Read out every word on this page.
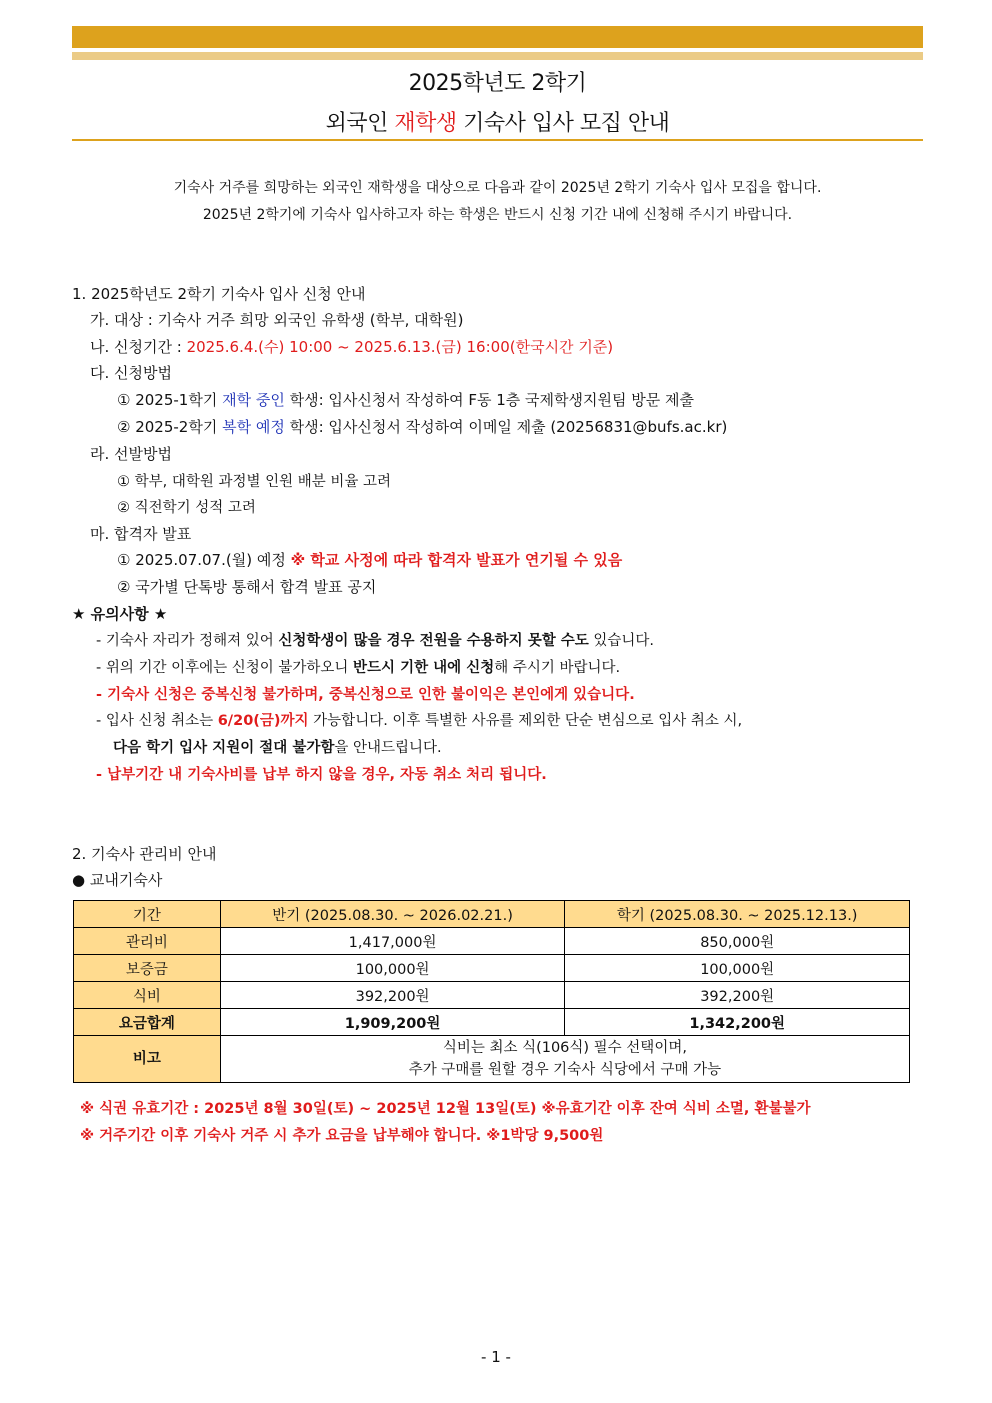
2025학년도 2학기
외국인 재학생 기숙사 입사 모집 안내
기숙사 거주를 희망하는 외국인 재학생을 대상으로 다음과 같이 2025년 2학기 기숙사 입사 모집을 합니다.
2025년 2학기에 기숙사 입사하고자 하는 학생은 반드시 신청 기간 내에 신청해 주시기 바랍니다.
1. 2025학년도 2학기 기숙사 입사 신청 안내
가. 대상 : 기숙사 거주 희망 외국인 유학생 (학부, 대학원)
나. 신청기간 : 2025.6.4.(수) 10:00 ~ 2025.6.13.(금) 16:00(한국시간 기준)
다. 신청방법
① 2025-1학기 재학 중인 학생: 입사신청서 작성하여 F동 1층 국제학생지원팀 방문 제출
② 2025-2학기 복학 예정 학생: 입사신청서 작성하여 이메일 제출 (20256831@bufs.ac.kr)
라. 선발방법
① 학부, 대학원 과정별 인원 배분 비율 고려
② 직전학기 성적 고려
마. 합격자 발표
① 2025.07.07.(월) 예정 ※ 학교 사정에 따라 합격자 발표가 연기될 수 있음
② 국가별 단톡방 통해서 합격 발표 공지
★ 유의사항 ★
- 기숙사 자리가 정해져 있어 신청학생이 많을 경우 전원을 수용하지 못할 수도 있습니다.
- 위의 기간 이후에는 신청이 불가하오니 반드시 기한 내에 신청해 주시기 바랍니다.
- 기숙사 신청은 중복신청 불가하며, 중복신청으로 인한 불이익은 본인에게 있습니다.
- 입사 신청 취소는 6/20(금)까지 가능합니다. 이후 특별한 사유를 제외한 단순 변심으로 입사 취소 시,
다음 학기 입사 지원이 절대 불가함을 안내드립니다.
- 납부기간 내 기숙사비를 납부 하지 않을 경우, 자동 취소 처리 됩니다.
2. 기숙사 관리비 안내
● 교내기숙사
기간	반기 (2025.08.30. ~ 2026.02.21.)	학기 (2025.08.30. ~ 2025.12.13.)
관리비	1,417,000원	850,000원
보증금	100,000원	100,000원
식비	392,200원	392,200원
요금합계	1,909,200원	1,342,200원
비고	식비는 최소 식(106식) 필수 선택이며,
추가 구매를 원할 경우 기숙사 식당에서 구매 가능	
※ 식권 유효기간 : 2025년 8월 30일(토) ~ 2025년 12월 13일(토) ※유효기간 이후 잔여 식비 소멸, 환불불가
※ 거주기간 이후 기숙사 거주 시 추가 요금을 납부해야 합니다. ※1박당 9,500원
- 1 -
